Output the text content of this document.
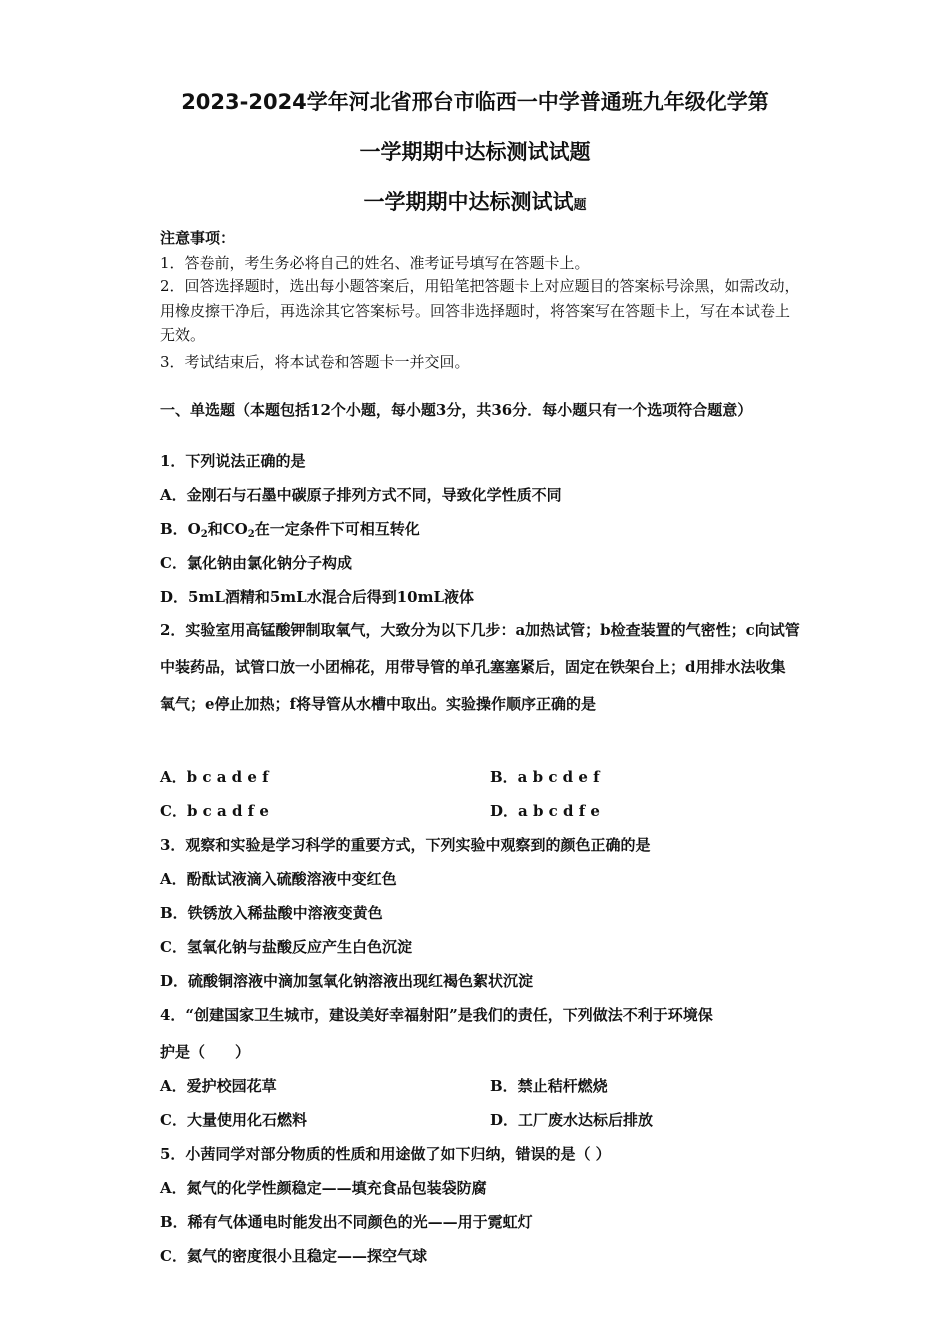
2023-2024学年河北省邢台市临西一中学普通班九年级化学第
一学期期中达标测试试题
一学期期中达标测试试题
注意事项：
1．答卷前，考生务必将自己的姓名、准考证号填写在答题卡上。
2．回答选择题时，选出每小题答案后，用铅笔把答题卡上对应题目的答案标号涂黑，如需改动，用橡皮擦干净后，再选涂其它答案标号。回答非选择题时，将答案写在答题卡上，写在本试卷上无效。
3．考试结束后，将本试卷和答题卡一并交回。
一、单选题（本题包括12个小题，每小题3分，共36分．每小题只有一个选项符合题意）
1．下列说法正确的是
A．金刚石与石墨中碳原子排列方式不同，导致化学性质不同
B．$O_2$和$CO_2$在一定条件下可相互转化
C．氯化钠由氯化钠分子构成
D．5mL酒精和5mL水混合后得到10mL液体
2．实验室用高锰酸钾制取氧气，大致分为以下几步：a加热试管；b检查装置的气密性；c向试管中装药品，试管口放一小团棉花，用带导管的单孔塞塞紧后，固定在铁架台上；d用排水法收集氧气；e停止加热；f将导管从水槽中取出。实验操作顺序正确的是
A．b c a d e f	B．a b c d e f
C．b c a d f e	D．a b c d f e
3．观察和实验是学习科学的重要方式，下列实验中观察到的颜色正确的是
A．酚酞试液滴入硫酸溶液中变红色
B．铁锈放入稀盐酸中溶液变黄色
C．氢氧化钠与盐酸反应产生白色沉淀
D．硫酸铜溶液中滴加氢氧化钠溶液出现红褐色絮状沉淀
4．“创建国家卫生城市，建设美好幸福射阳”是我们的责任，下列做法不利于环境保
护是（　　）
A．爱护校园花草	B．禁止秸杆燃烧
C．大量使用化石燃料	D．工厂废水达标后排放
5．小茜同学对部分物质的性质和用途做了如下归纳，错误的是（ ）
A．氮气的化学性颜稳定——填充食品包装袋防腐
B．稀有气体通电时能发出不同颜色的光——用于霓虹灯
C．氦气的密度很小且稳定——探空气球
